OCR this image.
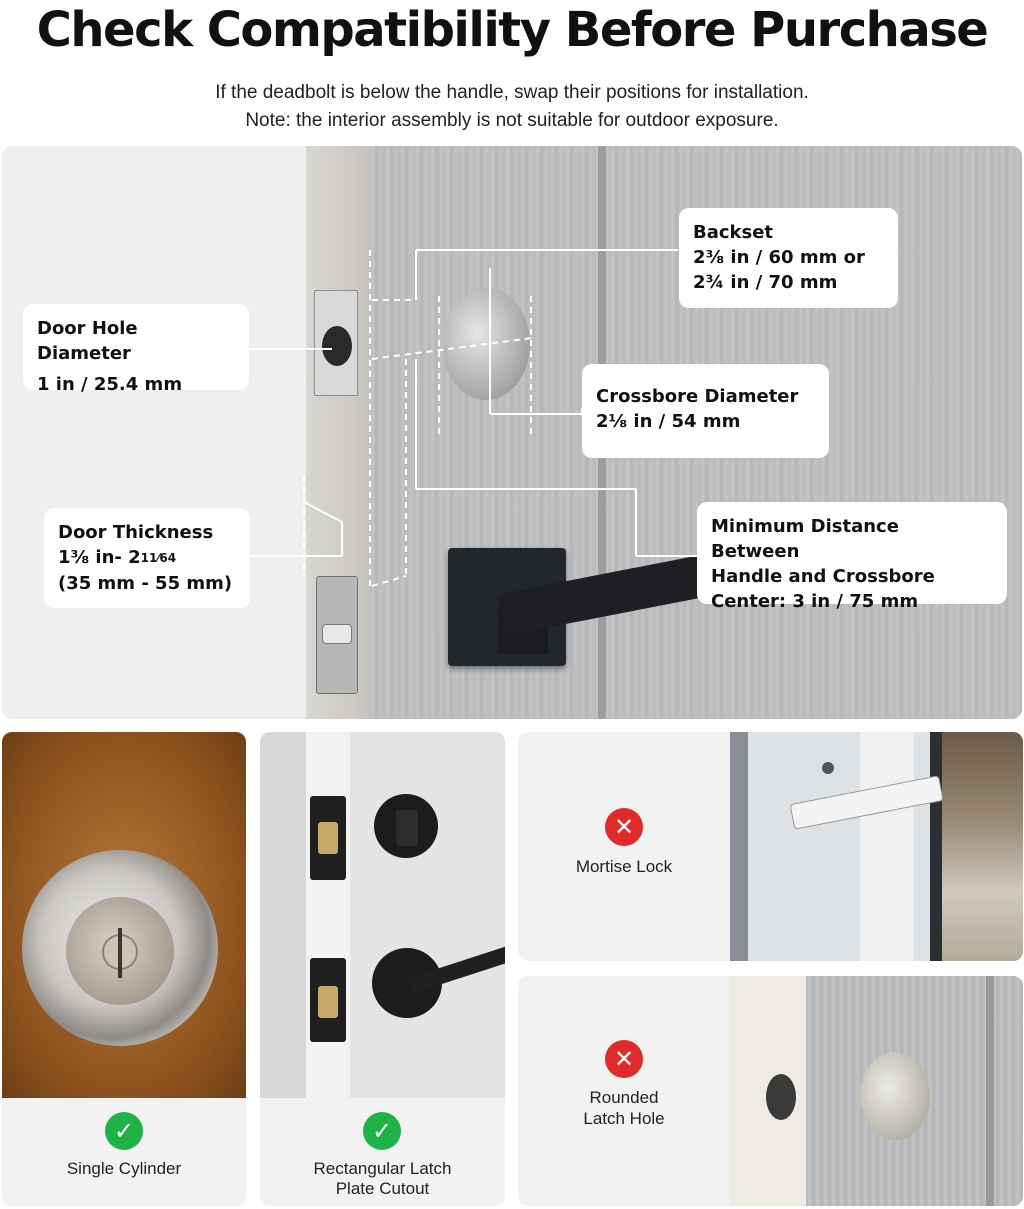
Check Compatibility Before Purchase
If the deadbolt is below the handle, swap their positions for installation.
Note: the interior assembly is not suitable for outdoor exposure.
Door Hole Diameter
1 in / 25.4 mm
Backset
2⅜ in / 60 mm or
2¾ in / 70 mm
Crossbore Diameter
2⅛ in / 54 mm
Door Thickness
1⅜ in- 211⁄64
(35 mm - 55 mm)
Minimum Distance Between
Handle and Crossbore
Center: 3 in / 75 mm
✓
Single Cylinder
✓
Rectangular Latch
Plate Cutout
✕
Mortise Lock
✕
Rounded
Latch Hole
